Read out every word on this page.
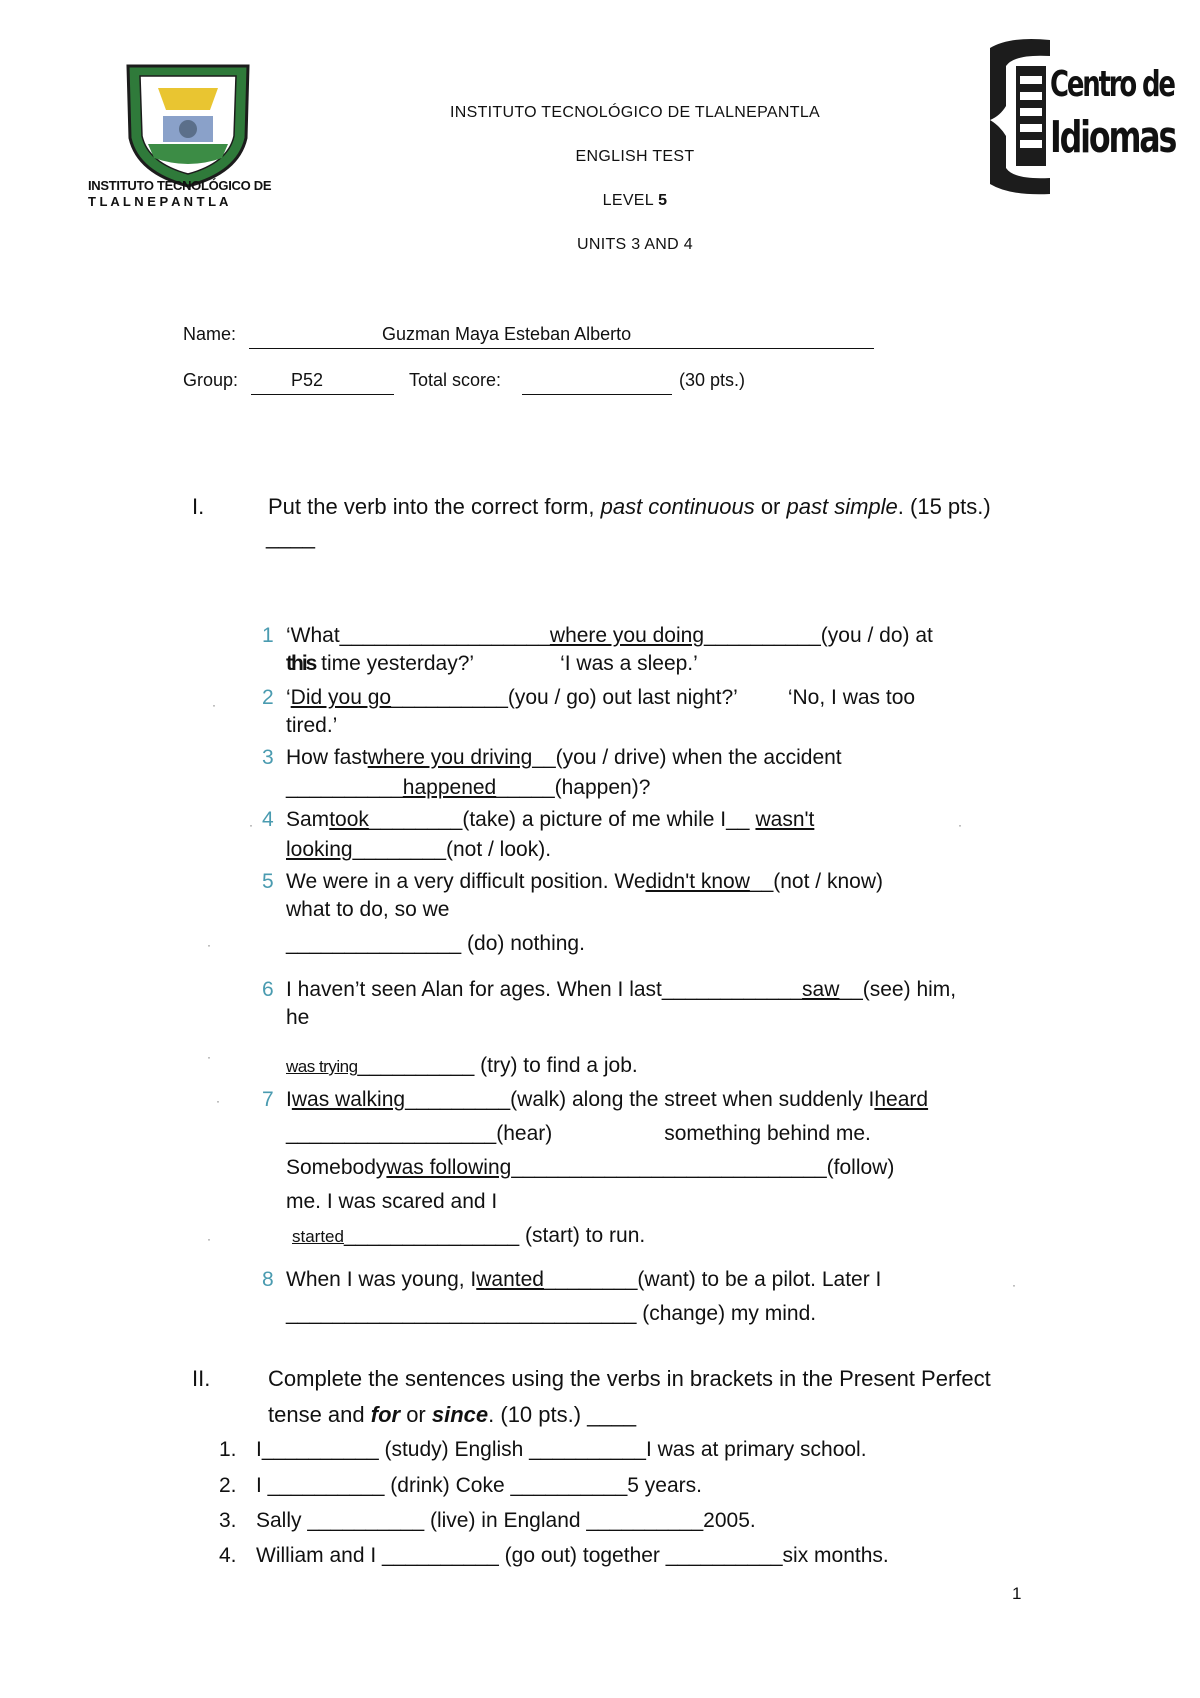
INSTITUTO TECNOLÓGICO DE
T L A L N E P A N T L A
Centro de
Idiomas
INSTITUTO TECNOLÓGICO DE TLALNEPANTLA
ENGLISH TEST
LEVEL 5
UNITS 3 AND 4
Name:	Guzman Maya Esteban Alberto
Group:	P52	Total score:	(30 pts.)
I.	Put the verb into the correct form, past continuous or past simple. (15 pts.)
____
1 ‘What__________________where you doing__________(you / do) at
this time yesterday?’	‘I was a sleep.’
· 2 ‘Did you go__________(you / go) out last night?’ ‘No, I was too
tired.’
3 How fastwhere you driving__(you / drive) when the accident
__________happened_____(happen)?
· 4 Samtook________(take) a picture of me while I__ wasn't	·
looking________(not / look).
5 We were in a very difficult position. Wedidn't know__(not / know)
what to do, so we
·	_______________ (do) nothing.
6 I haven’t seen Alan for ages. When I last____________saw__(see) him,
he
·	was trying__________ (try) to find a job.
· 7 Iwas walking_________(walk) along the street when suddenly Iheard
__________________(hear)	something behind me.
Somebodywas following___________________________(follow)
me. I was scared and I
·	started_______________ (start) to run.
8 When I was young, Iwanted________(want) to be a pilot. Later I	·
______________________________ (change) my mind.
II.	Complete the sentences using the verbs in brackets in the Present Perfect
tense and for or since. (10 pts.) ____
1. I__________ (study) English __________I was at primary school.
2. I __________ (drink) Coke __________5 years.
3. Sally __________ (live) in England __________2005.
4. William and I __________ (go out) together __________six months.
1
